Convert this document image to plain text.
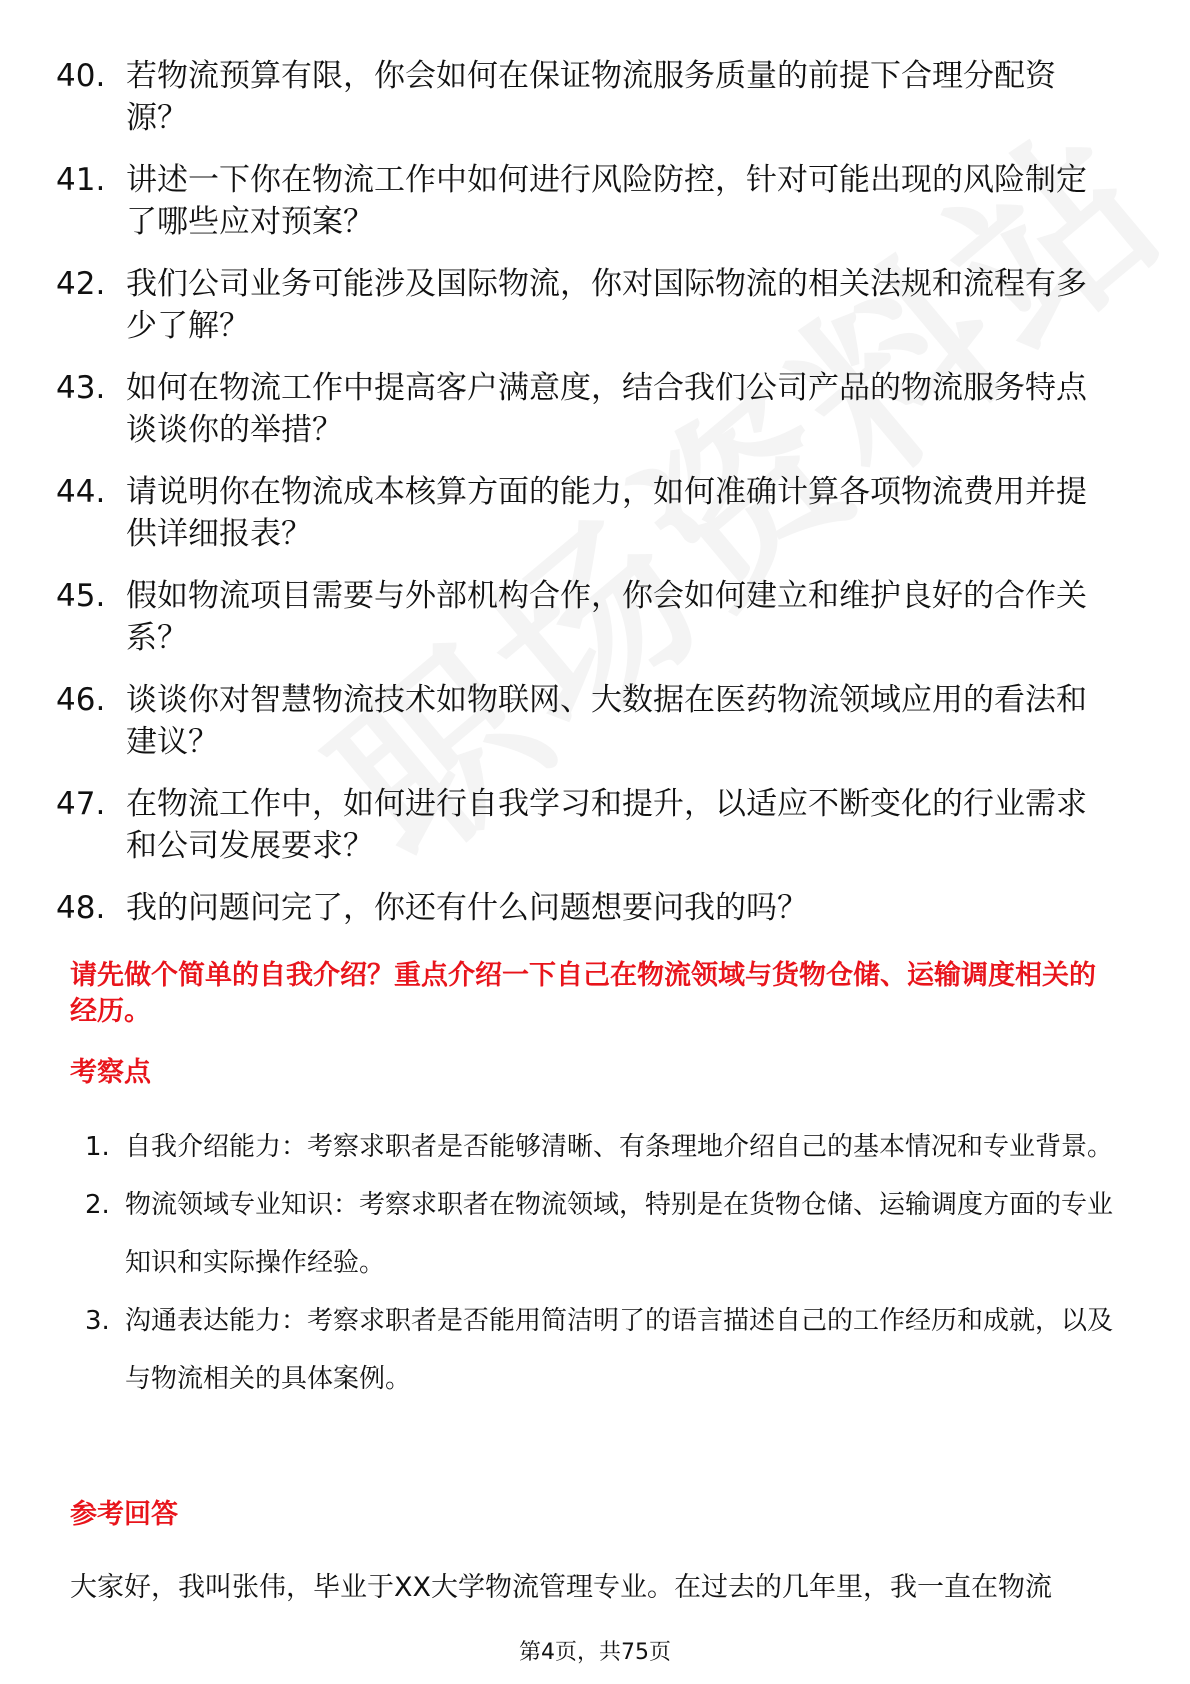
40. 若物流预算有限，你会如何在保证物流服务质量的前提下合理分配资源？
41. 讲述一下你在物流工作中如何进行风险防控，针对可能出现的风险制定了哪些应对预案？
42. 我们公司业务可能涉及国际物流，你对国际物流的相关法规和流程有多少了解？
43. 如何在物流工作中提高客户满意度，结合我们公司产品的物流服务特点谈谈你的举措？
44. 请说明你在物流成本核算方面的能力，如何准确计算各项物流费用并提供详细报表？
45. 假如物流项目需要与外部机构合作，你会如何建立和维护良好的合作关系？
46. 谈谈你对智慧物流技术如物联网、大数据在医药物流领域应用的看法和建议？
47. 在物流工作中，如何进行自我学习和提升，以适应不断变化的行业需求和公司发展要求？
48. 我的问题问完了，你还有什么问题想要问我的吗？
请先做个简单的自我介绍？重点介绍一下自己在物流领域与货物仓储、运输调度相关的经历。
考察点
1. 自我介绍能力：考察求职者是否能够清晰、有条理地介绍自己的基本情况和专业背景。
2. 物流领域专业知识：考察求职者在物流领域，特别是在货物仓储、运输调度方面的专业知识和实际操作经验。
3. 沟通表达能力：考察求职者是否能用简洁明了的语言描述自己的工作经历和成就，以及与物流相关的具体案例。
参考回答
大家好，我叫张伟，毕业于XX大学物流管理专业。在过去的几年里，我一直在物流
第4页，共75页
